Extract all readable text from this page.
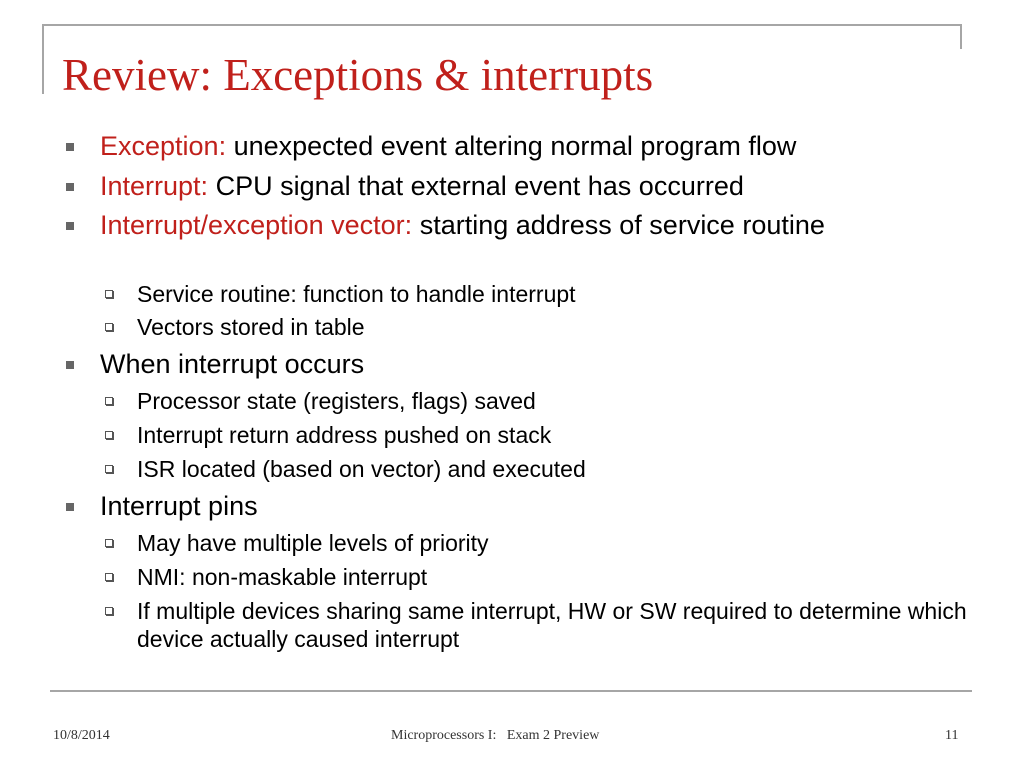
Review: Exceptions & interrupts
Exception: unexpected event altering normal program flow
Interrupt: CPU signal that external event has occurred
Interrupt/exception vector: starting address of service routine
Service routine: function to handle interrupt
Vectors stored in table
When interrupt occurs
Processor state (registers, flags) saved
Interrupt return address pushed on stack
ISR located (based on vector) and executed
Interrupt pins
May have multiple levels of priority
NMI: non-maskable interrupt
If multiple devices sharing same interrupt, HW or SW required to determine which device actually caused interrupt
10/8/2014	Microprocessors I:   Exam 2 Preview	11
